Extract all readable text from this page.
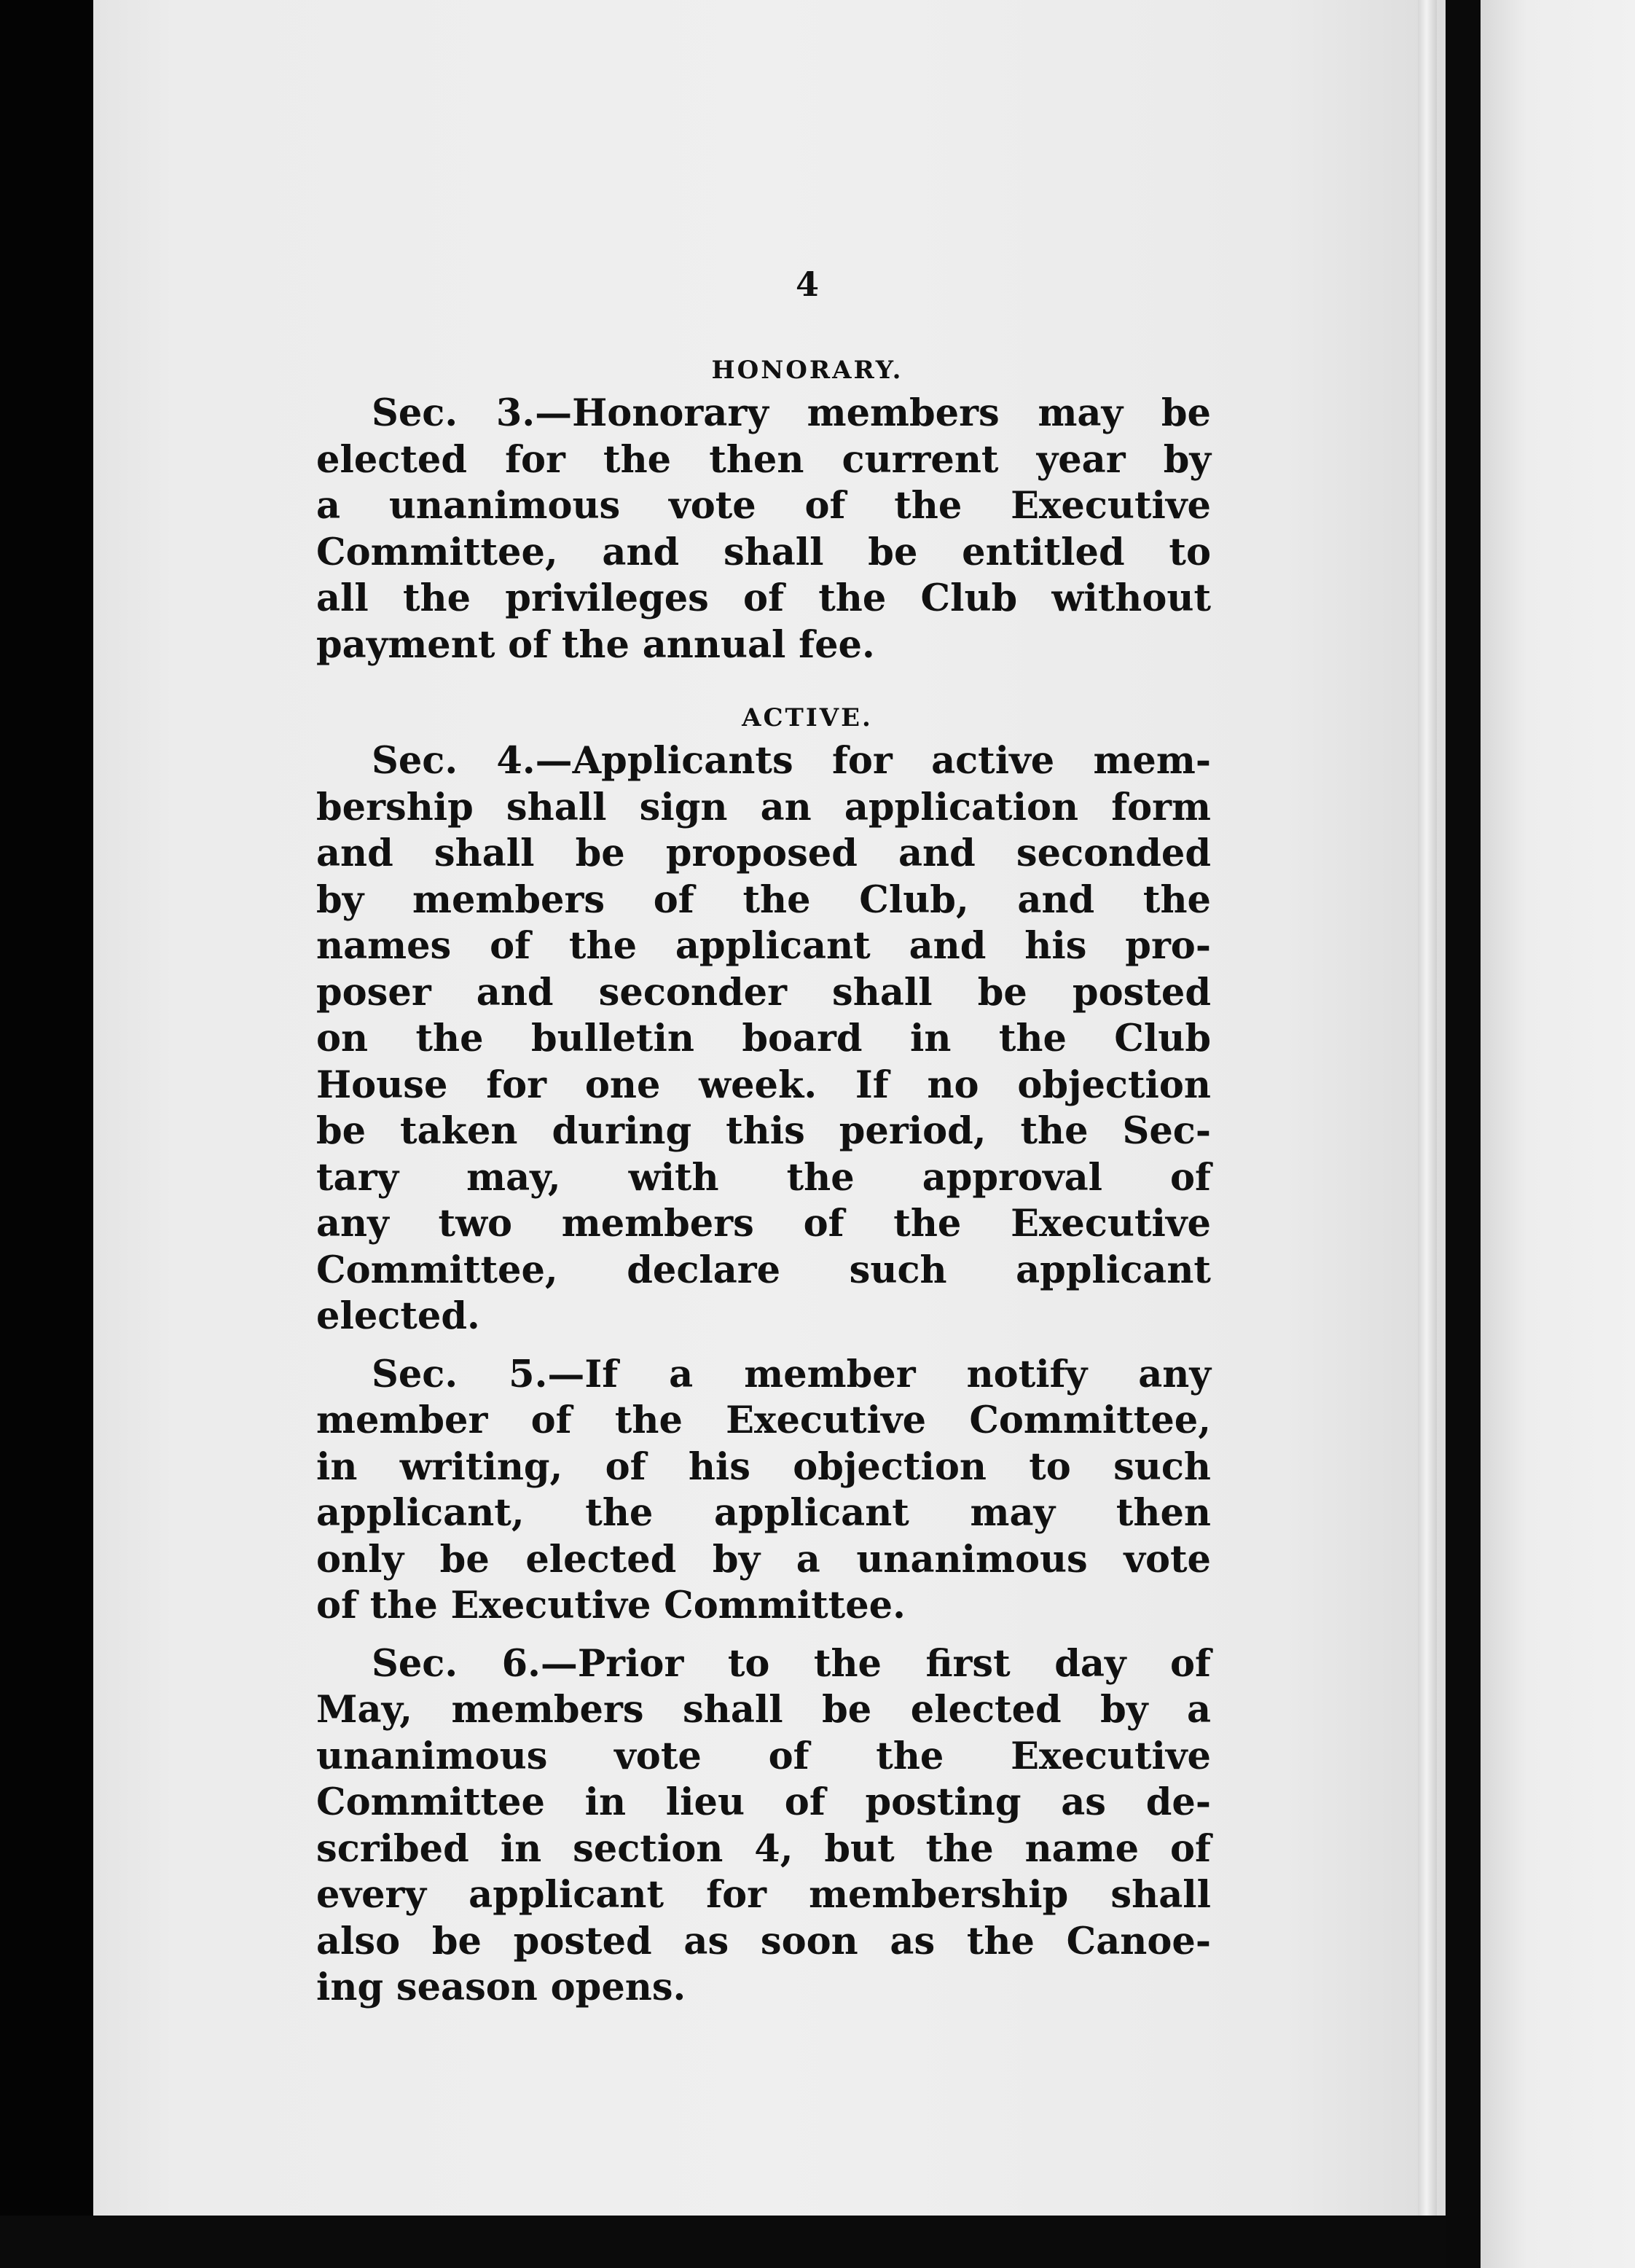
4
HONORARY.
Sec. 3.—Honorary members may be
elected for the then current year by
a unanimous vote of the Executive
Committee, and shall be entitled to
all the privileges of the Club without
payment of the annual fee.
ACTIVE.
Sec. 4.—Applicants for active mem-
bership shall sign an application form
and shall be proposed and seconded
by members of the Club, and the
names of the applicant and his pro-
poser and seconder shall be posted
on the bulletin board in the Club
House for one week. If no objection
be taken during this period, the Sec-
tary may, with the approval of
any two members of the Executive
Committee, declare such applicant
elected.
Sec. 5.—If a member notify any
member of the Executive Committee,
in writing, of his objection to such
applicant, the applicant may then
only be elected by a unanimous vote
of the Executive Committee.
Sec. 6.—Prior to the first day of
May, members shall be elected by a
unanimous vote of the Executive
Committee in lieu of posting as de-
scribed in section 4, but the name of
every applicant for membership shall
also be posted as soon as the Canoe-
ing season opens.
